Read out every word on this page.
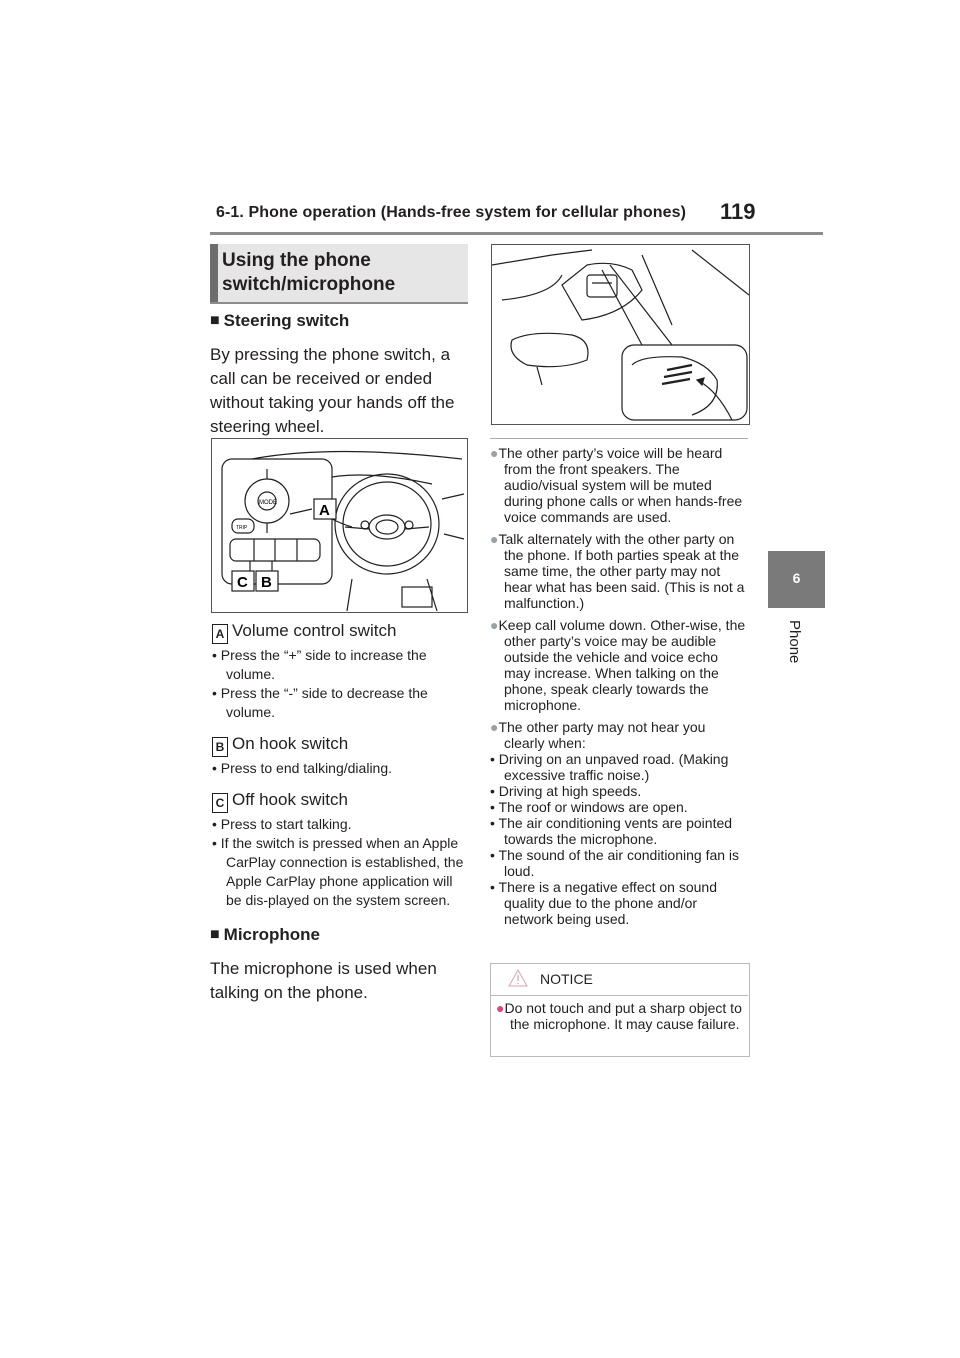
6-1. Phone operation (Hands-free system for cellular phones) 119
6
Phone
Using the phone switch/microphone
■ Steering switch
By pressing the phone switch, a call can be received or ended without taking your hands off the steering wheel.
MODE
TRIP
A
C B
A Volume control switch
• Press the “+” side to increase the volume.
• Press the “-” side to decrease the volume.
B On hook switch
• Press to end talking/dialing.
C Off hook switch
• Press to start talking.
• If the switch is pressed when an Apple CarPlay connection is established, the Apple CarPlay phone application will be dis-played on the system screen.
■ Microphone
The microphone is used when talking on the phone.
●The other party’s voice will be heard from the front speakers. The audio/visual system will be muted during phone calls or when hands-free voice commands are used.
●Talk alternately with the other party on the phone. If both parties speak at the same time, the other party may not hear what has been said. (This is not a malfunction.)
●Keep call volume down. Other-wise, the other party’s voice may be audible outside the vehicle and voice echo may increase. When talking on the phone, speak clearly towards the microphone.
●The other party may not hear you clearly when:
• Driving on an unpaved road. (Making excessive traffic noise.)
• Driving at high speeds.
• The roof or windows are open.
• The air conditioning vents are pointed towards the microphone.
• The sound of the air conditioning fan is loud.
• There is a negative effect on sound quality due to the phone and/or network being used.
NOTICE
●Do not touch and put a sharp object to the microphone. It may cause failure.
